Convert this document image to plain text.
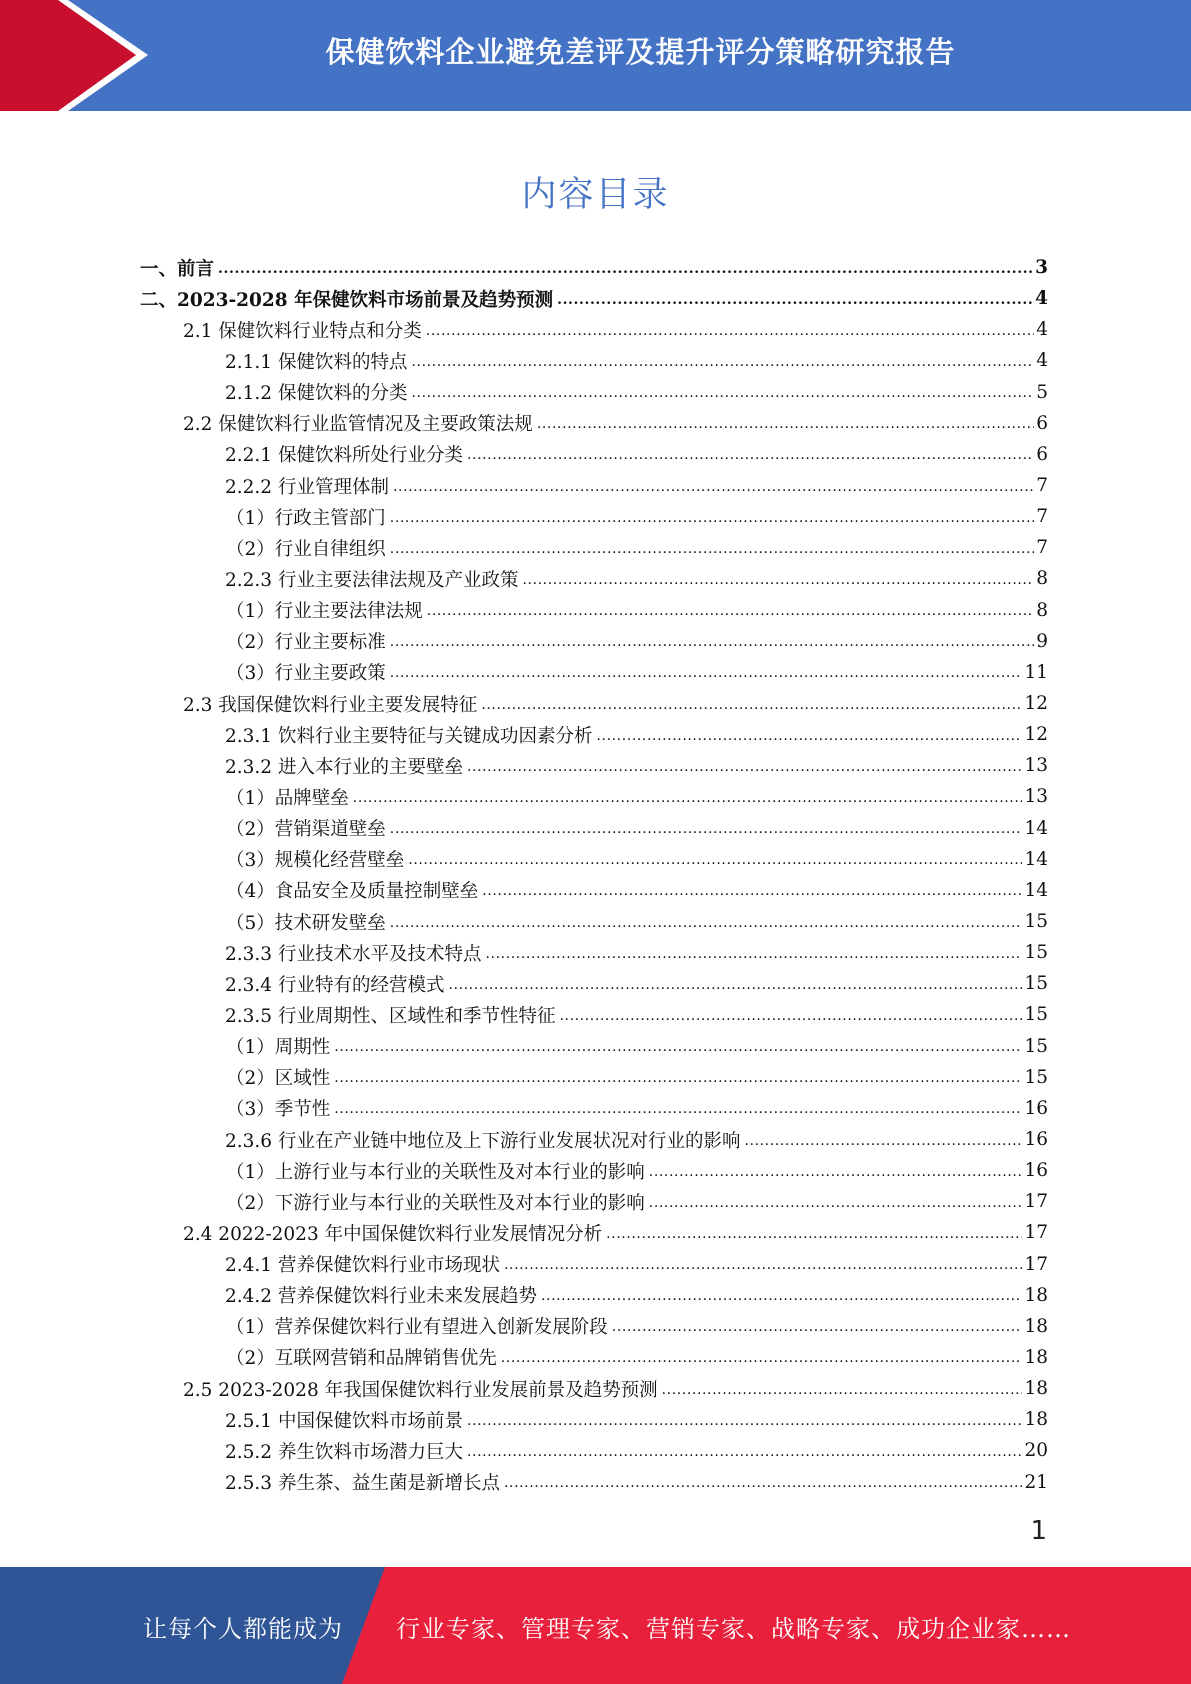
保健饮料企业避免差评及提升评分策略研究报告
内容目录
一、前言 .....	3
二、2023-2028 年保健饮料市场前景及趋势预测 .....	4
2.1 保健饮料行业特点和分类 .....	4
2.1.1 保健饮料的特点 .....	4
2.1.2 保健饮料的分类 .....	5
2.2 保健饮料行业监管情况及主要政策法规 .....	6
2.2.1 保健饮料所处行业分类 .....	6
2.2.2 行业管理体制 .....	7
（1）行政主管部门 .....	7
（2）行业自律组织 .....	7
2.2.3 行业主要法律法规及产业政策 .....	8
（1）行业主要法律法规 .....	8
（2）行业主要标准 .....	9
（3）行业主要政策 .....	11
2.3 我国保健饮料行业主要发展特征 .....	12
2.3.1 饮料行业主要特征与关键成功因素分析 .....	12
2.3.2 进入本行业的主要壁垒 .....	13
（1）品牌壁垒 .....	13
（2）营销渠道壁垒 .....	14
（3）规模化经营壁垒 .....	14
（4）食品安全及质量控制壁垒 .....	14
（5）技术研发壁垒 .....	15
2.3.3 行业技术水平及技术特点 .....	15
2.3.4 行业特有的经营模式 .....	15
2.3.5 行业周期性、区域性和季节性特征 .....	15
（1）周期性 .....	15
（2）区域性 .....	15
（3）季节性 .....	16
2.3.6 行业在产业链中地位及上下游行业发展状况对行业的影响 .....	16
（1）上游行业与本行业的关联性及对本行业的影响 .....	16
（2）下游行业与本行业的关联性及对本行业的影响 .....	17
2.4 2022-2023 年中国保健饮料行业发展情况分析 .....	17
2.4.1 营养保健饮料行业市场现状 .....	17
2.4.2 营养保健饮料行业未来发展趋势 .....	18
（1）营养保健饮料行业有望进入创新发展阶段 .....	18
（2）互联网营销和品牌销售优先 .....	18
2.5 2023-2028 年我国保健饮料行业发展前景及趋势预测 .....	18
2.5.1 中国保健饮料市场前景 .....	18
2.5.2 养生饮料市场潜力巨大 .....	20
2.5.3 养生茶、益生菌是新增长点 .....	21
1
让每个人都能成为 行业专家、管理专家、营销专家、战略专家、成功企业家……
